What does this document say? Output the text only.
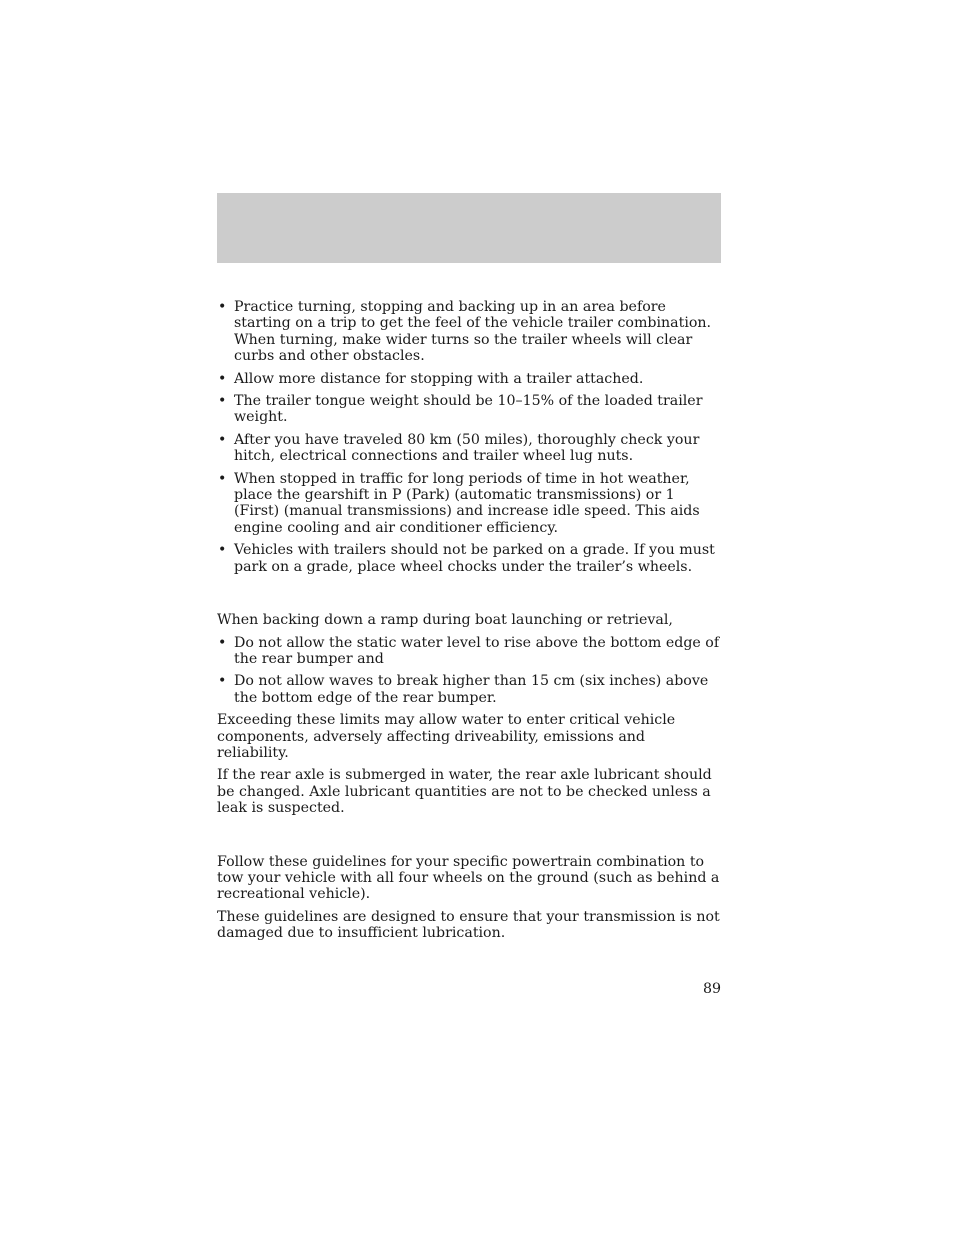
• Practice turning, stopping and backing up in an area before starting on a trip to get the feel of the vehicle trailer combination. When turning, make wider turns so the trailer wheels will clear curbs and other obstacles.
• Allow more distance for stopping with a trailer attached.
• The trailer tongue weight should be 10–15% of the loaded trailer weight.
• After you have traveled 80 km (50 miles), thoroughly check your hitch, electrical connections and trailer wheel lug nuts.
• When stopped in traffic for long periods of time in hot weather, place the gearshift in P (Park) (automatic transmissions) or 1 (First) (manual transmissions) and increase idle speed. This aids engine cooling and air conditioner efficiency.
• Vehicles with trailers should not be parked on a grade. If you must park on a grade, place wheel chocks under the trailer’s wheels.

When backing down a ramp during boat launching or retrieval,

• Do not allow the static water level to rise above the bottom edge of the rear bumper and
• Do not allow waves to break higher than 15 cm (six inches) above the bottom edge of the rear bumper.

Exceeding these limits may allow water to enter critical vehicle components, adversely affecting driveability, emissions and reliability.

If the rear axle is submerged in water, the rear axle lubricant should be changed. Axle lubricant quantities are not to be checked unless a leak is suspected.

Follow these guidelines for your specific powertrain combination to tow your vehicle with all four wheels on the ground (such as behind a recreational vehicle).

These guidelines are designed to ensure that your transmission is not damaged due to insufficient lubrication.

89
